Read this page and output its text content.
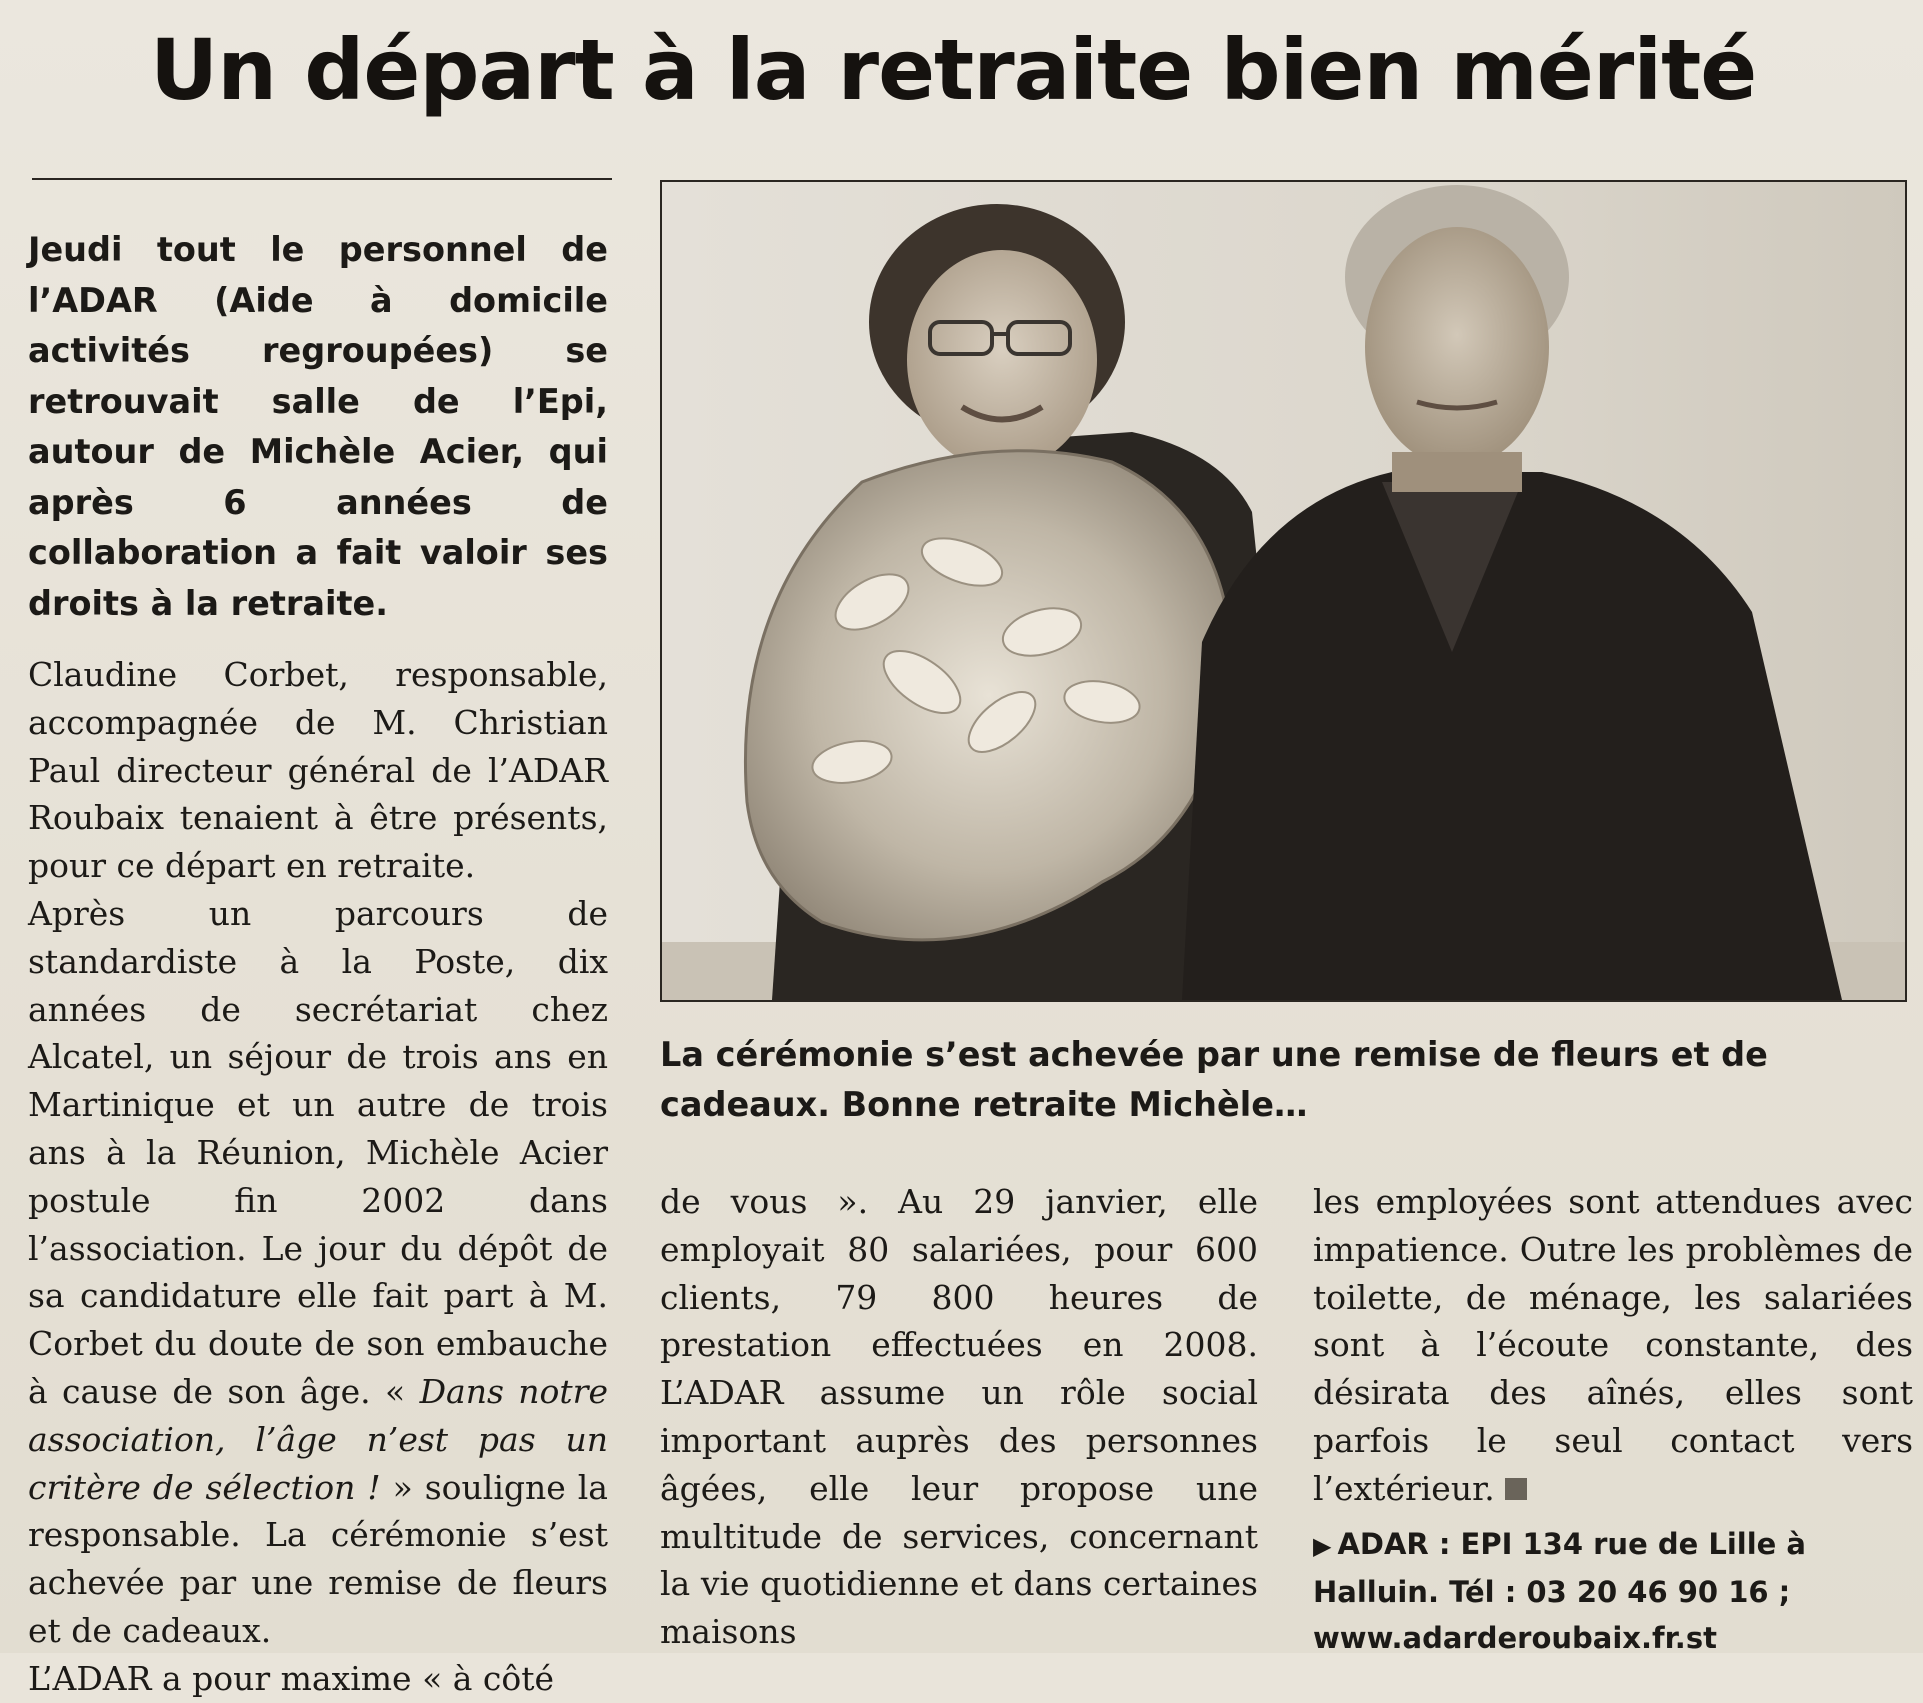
Un départ à la retraite bien mérité

Jeudi tout le personnel de l’ADAR (Aide à domicile activités regroupées) se retrouvait salle de l’Epi, autour de Michèle Acier, qui après 6 années de collaboration a fait valoir ses droits à la retraite.

Claudine Corbet, responsable, accompagnée de M. Christian Paul directeur général de l’ADAR Roubaix tenaient à être présents, pour ce départ en retraite.

Après un parcours de standardiste à la Poste, dix années de secrétariat chez Alcatel, un séjour de trois ans en Martinique et un autre de trois ans à la Réunion, Michèle Acier postule fin 2002 dans l’association. Le jour du dépôt de sa candidature elle fait part à M. Corbet du doute de son embauche à cause de son âge. « Dans notre association, l’âge n’est pas un critère de sélection ! » souligne la responsable. La cérémonie s’est achevée par une remise de fleurs et de cadeaux.

L’ADAR a pour maxime « à côté

La cérémonie s’est achevée par une remise de fleurs et de cadeaux. Bonne retraite Michèle…

de vous ». Au 29 janvier, elle employait 80 salariées, pour 600 clients, 79 800 heures de prestation effectuées en 2008. L’ADAR assume un rôle social important auprès des personnes âgées, elle leur propose une multitude de services, concernant la vie quotidienne et dans certaines maisons

les employées sont attendues avec impatience. Outre les problèmes de toilette, de ménage, les salariées sont à l’écoute constante, des désirata des aînés, elles sont parfois le seul contact vers l’extérieur.

▶ ADAR : EPI 134 rue de Lille à Halluin. Tél : 03 20 46 90 16 ; www.adarderoubaix.fr.st
